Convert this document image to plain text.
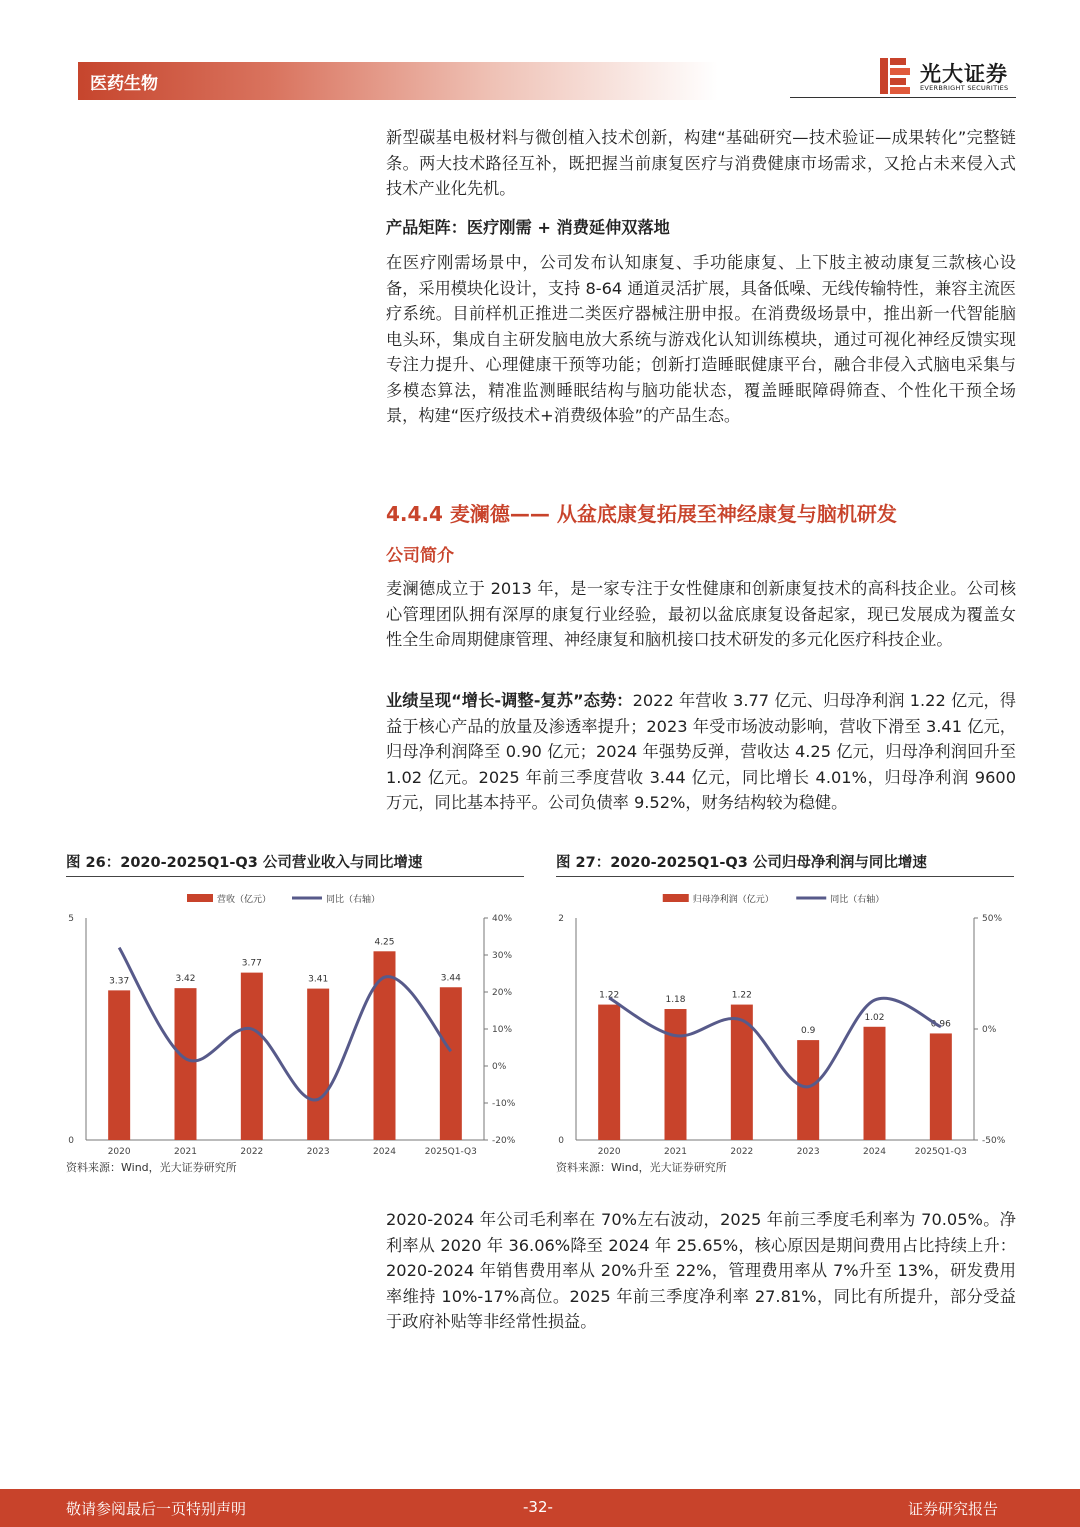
医药生物	光大证券
EVERBRIGHT SECURITIES
新型碳基电极材料与微创植入技术创新，构建“基础研究—技术验证—成果转化”完整链条。两大技术路径互补，既把握当前康复医疗与消费健康市场需求，又抢占未来侵入式技术产业化先机。
产品矩阵：医疗刚需 + 消费延伸双落地
在医疗刚需场景中，公司发布认知康复、手功能康复、上下肢主被动康复三款核心设备，采用模块化设计，支持 8-64 通道灵活扩展，具备低噪、无线传输特性，兼容主流医疗系统。目前样机正推进二类医疗器械注册申报。在消费级场景中，推出新一代智能脑电头环，集成自主研发脑电放大系统与游戏化认知训练模块，通过可视化神经反馈实现专注力提升、心理健康干预等功能；创新打造睡眠健康平台，融合非侵入式脑电采集与多模态算法，精准监测睡眠结构与脑功能状态，覆盖睡眠障碍筛查、个性化干预全场景，构建“医疗级技术+消费级体验”的产品生态。
4.4.4 麦澜德—— 从盆底康复拓展至神经康复与脑机研发
公司简介
麦澜德成立于 2013 年，是一家专注于女性健康和创新康复技术的高科技企业。公司核心管理团队拥有深厚的康复行业经验，最初以盆底康复设备起家，现已发展成为覆盖女性全生命周期健康管理、神经康复和脑机接口技术研发的多元化医疗科技企业。
业绩呈现“增长-调整-复苏”态势：2022 年营收 3.77 亿元、归母净利润 1.22 亿元，得益于核心产品的放量及渗透率提升；2023 年受市场波动影响，营收下滑至 3.41 亿元，归母净利润降至 0.90 亿元；2024 年强势反弹，营收达 4.25 亿元，归母净利润回升至 1.02 亿元。2025 年前三季度营收 3.44 亿元，同比增长 4.01%，归母净利润 9600 万元，同比基本持平。公司负债率 9.52%，财务结构较为稳健。
图 26：2020-2025Q1-Q3 公司营业收入与同比增速
0
5	40%
30%
20%
10%
0%
-10%
-20%
3.37	3.42
3.77
3.41
4.25
3.44
2020	2021	2022	2023	2024	2025Q1-Q3
营收（亿元）	同比（右轴）
资料来源：Wind，光大证券研究所
图 27：2020-2025Q1-Q3 公司归母净利润与同比增速
0
2	50%
0%
-50%
1.22	1.18	1.22
0.9
1.02
0.96
2020	2021	2022	2023	2024	2025Q1-Q3
归母净利润（亿元）	同比（右轴）
资料来源：Wind，光大证券研究所
2020-2024 年公司毛利率在 70%左右波动，2025 年前三季度毛利率为 70.05%。净利率从 2020 年 36.06%降至 2024 年 25.65%，核心原因是期间费用占比持续上升：2020-2024 年销售费用率从 20%升至 22%，管理费用率从 7%升至 13%，研发费用率维持 10%-17%高位。2025 年前三季度净利率 27.81%，同比有所提升，部分受益于政府补贴等非经常性损益。
敬请参阅最后一页特别声明	-32-	证券研究报告
